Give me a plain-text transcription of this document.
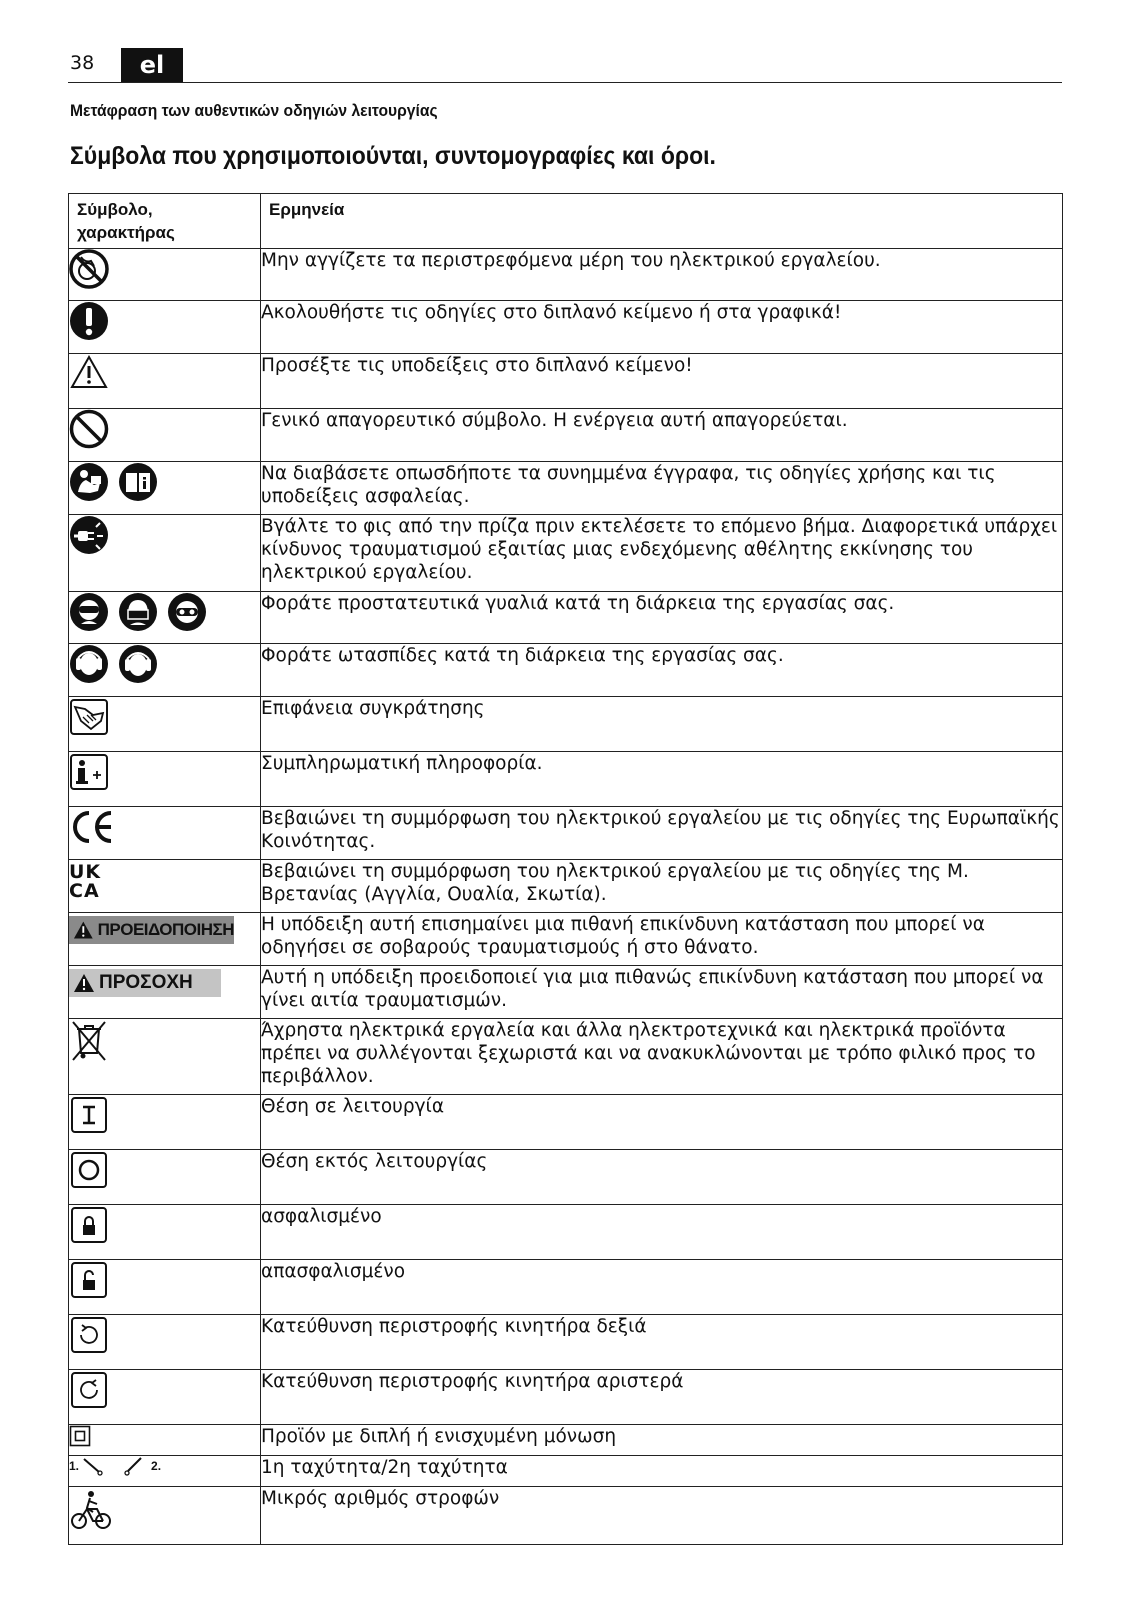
38	el
Μετάφραση των αυθεντικών οδηγιών λειτουργίας
Σύμβολα που χρησιμοποιούνται, συντομογραφίες και όροι.
Σύμβολο, χαρακτήρας	Ερμηνεία
	Μην αγγίζετε τα περιστρεφόμενα μέρη του ηλεκτρικού εργαλείου.
	Ακολουθήστε τις οδηγίες στο διπλανό κείμενο ή στα γραφικά!
	Προσέξτε τις υποδείξεις στο διπλανό κείμενο!
	Γενικό απαγορευτικό σύμβολο. Η ενέργεια αυτή απαγορεύεται.
	Να διαβάσετε οπωσδήποτε τα συνημμένα έγγραφα, τις οδηγίες χρήσης και τις υποδείξεις ασφαλείας.
	Βγάλτε το φις από την πρίζα πριν εκτελέσετε το επόμενο βήμα. Διαφορετικά υπάρχει κίνδυνος τραυματισμού εξαιτίας μιας ενδεχόμενης αθέλητης εκκίνησης του ηλεκτρικού εργαλείου.
	Φοράτε προστατευτικά γυαλιά κατά τη διάρκεια της εργασίας σας.
	Φοράτε ωτασπίδες κατά τη διάρκεια της εργασίας σας.
	Επιφάνεια συγκράτησης
	Συμπληρωματική πληροφορία.
	Βεβαιώνει τη συμμόρφωση του ηλεκτρικού εργαλείου με τις οδηγίες της Ευρωπαϊκής Κοινότητας.

UK
CA	Βεβαιώνει τη συμμόρφωση του ηλεκτρικού εργαλείου με τις οδηγίες της Μ. Βρετανίας (Αγγλία, Ουαλία, Σκωτία).

ΠΡΟΕΙΔΟΠΟΙΗΣΗ	Η υπόδειξη αυτή επισημαίνει μια πιθανή επικίνδυνη κατάσταση που μπορεί να οδηγήσει σε σοβαρούς τραυματισμούς ή στο θάνατο.

ΠΡΟΣΟΧΗ	Αυτή η υπόδειξη προειδοποιεί για μια πιθανώς επικίνδυνη κατάσταση που μπορεί να γίνει αιτία τραυματισμών.
	Άχρηστα ηλεκτρικά εργαλεία και άλλα ηλεκτροτεχνικά και ηλεκτρικά προϊόντα πρέπει να συλλέγονται ξεχωριστά και να ανακυκλώνονται με τρόπο φιλικό προς το περιβάλλον.
	Θέση σε λειτουργία
	Θέση εκτός λειτουργίας
	ασφαλισμένο
	απασφαλισμένο
	Κατεύθυνση περιστροφής κινητήρα δεξιά
	Κατεύθυνση περιστροφής κινητήρα αριστερά
	Προϊόν με διπλή ή ενισχυμένη μόνωση

1. 2.	1η ταχύτητα/2η ταχύτητα
	Μικρός αριθμός στροφών
